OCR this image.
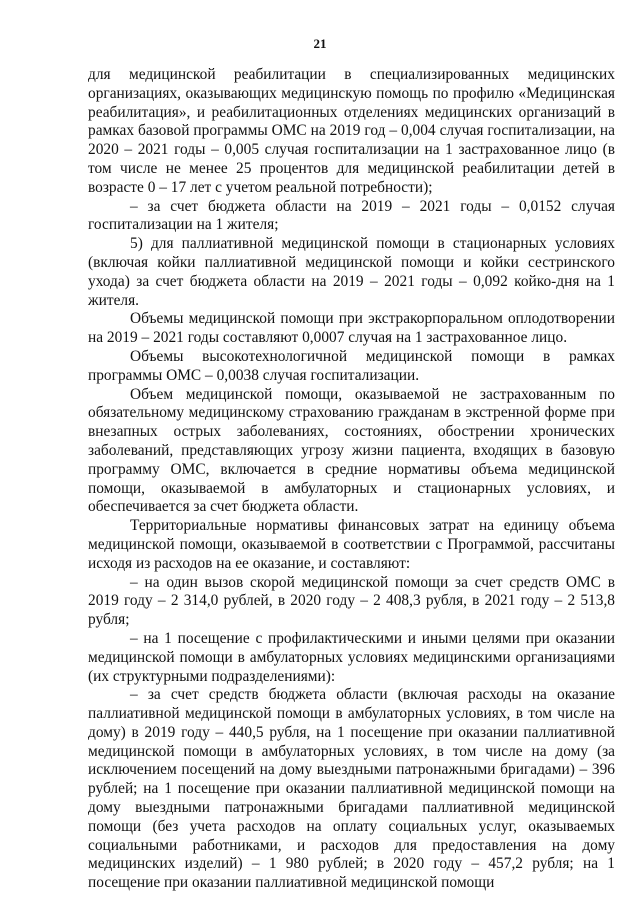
21

для медицинской реабилитации в специализированных медицинских организациях, оказывающих медицинскую помощь по профилю «Медицинская реабилитация», и реабилитационных отделениях медицинских организаций в рамках базовой программы ОМС на 2019 год – 0,004 случая госпитализации, на 2020 – 2021 годы – 0,005 случая госпитализации на 1 застрахованное лицо (в том числе не менее 25 процентов для медицинской реабилитации детей в возрасте 0 – 17 лет с учетом реальной потребности);

– за счет бюджета области на 2019 – 2021 годы – 0,0152 случая госпитализации на 1 жителя;

5) для паллиативной медицинской помощи в стационарных условиях (включая койки паллиативной медицинской помощи и койки сестринского ухода) за счет бюджета области на 2019 – 2021 годы – 0,092 койко-дня на 1 жителя.

Объемы медицинской помощи при экстракорпоральном оплодотворении на 2019 – 2021 годы составляют 0,0007 случая на 1 застрахованное лицо.

Объемы высокотехнологичной медицинской помощи в рамках программы ОМС – 0,0038 случая госпитализации.

Объем медицинской помощи, оказываемой не застрахованным по обязательному медицинскому страхованию гражданам в экстренной форме при внезапных острых заболеваниях, состояниях, обострении хронических заболеваний, представляющих угрозу жизни пациента, входящих в базовую программу ОМС, включается в средние нормативы объема медицинской помощи, оказываемой в амбулаторных и стационарных условиях, и обеспечивается за счет бюджета области.

Территориальные нормативы финансовых затрат на единицу объема медицинской помощи, оказываемой в соответствии с Программой, рассчитаны исходя из расходов на ее оказание, и составляют:

– на один вызов скорой медицинской помощи за счет средств ОМС в 2019 году – 2 314,0 рублей, в 2020 году – 2 408,3 рубля, в 2021 году – 2 513,8 рубля;

– на 1 посещение с профилактическими и иными целями при оказании медицинской помощи в амбулаторных условиях медицинскими организациями (их структурными подразделениями):

– за счет средств бюджета области (включая расходы на оказание паллиативной медицинской помощи в амбулаторных условиях, в том числе на дому) в 2019 году – 440,5 рубля, на 1 посещение при оказании паллиативной медицинской помощи в амбулаторных условиях, в том числе на дому (за исключением посещений на дому выездными патронажными бригадами) – 396 рублей; на 1 посещение при оказании паллиативной медицинской помощи на дому выездными патронажными бригадами паллиативной медицинской помощи (без учета расходов на оплату социальных услуг, оказываемых социальными работниками, и расходов для предоставления на дому медицинских изделий) – 1 980 рублей; в 2020 году – 457,2 рубля; на 1 посещение при оказании паллиативной медицинской помощи
